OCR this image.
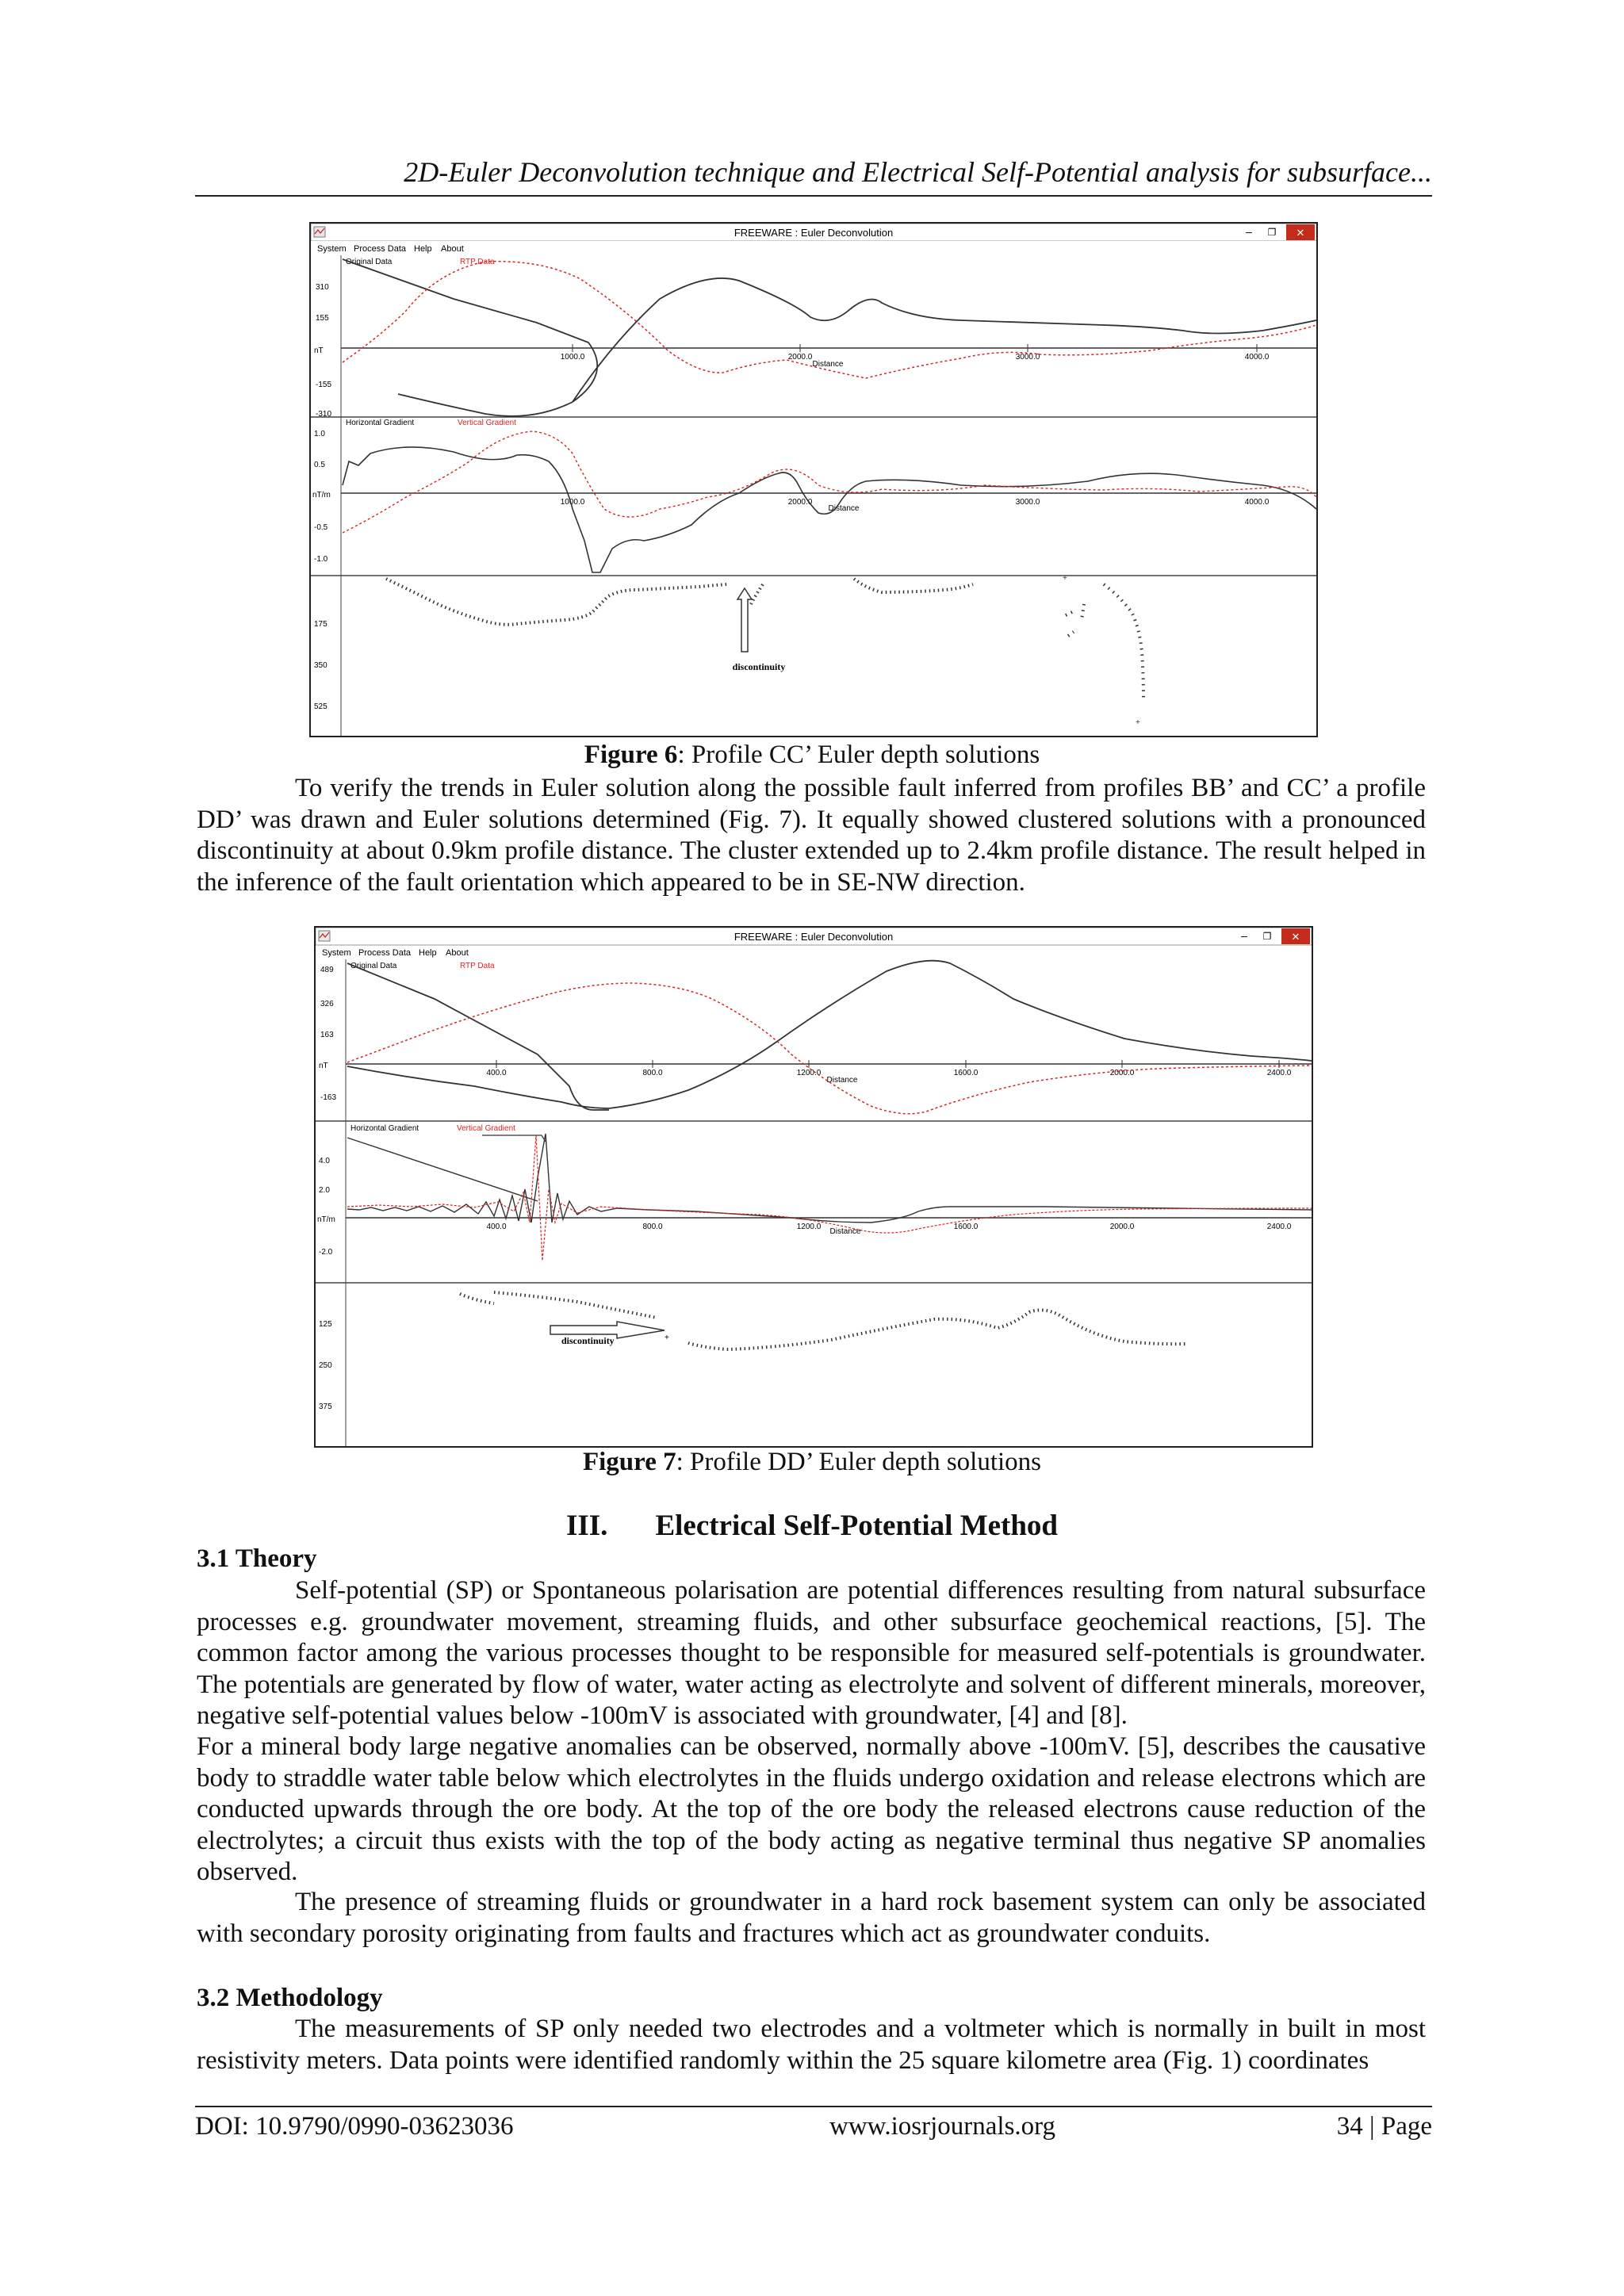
2D-Euler Deconvolution technique and Electrical Self-Potential analysis for subsurface...
FREEWARE : Euler Deconvolution	– ❐ ✕
System Process Data Help About
Original Data	RTP Data
310
155
nT
-155
-310
1000.0	2000.0	3000.0	4000.0
Distance
Horizontal Gradient	Vertical Gradient
1.0
0.5
nT/m
-0.5
-1.0
1000.0	2000.0	3000.0	4000.0
Distance
175
350
525
+
+
discontinuity
Figure 6: Profile CC’ Euler depth solutions

To verify the trends in Euler solution along the possible fault inferred from profiles BB’ and CC’ a profile DD’ was drawn and Euler solutions determined (Fig. 7). It equally showed clustered solutions with a pronounced discontinuity at about 0.9km profile distance. The cluster extended up to 2.4km profile distance. The result helped in the inference of the fault orientation which appeared to be in SE-NW direction.

FREEWARE : Euler Deconvolution	– ❐ ✕
System Process Data Help About
Original Data	RTP Data
489
326
163
nT
-163
400.0	800.0	1200.0	1600.0	2000.0	2400.0
Distance
Horizontal Gradient	Vertical Gradient
4.0
2.0
nT/m
-2.0
400.0	800.0	1200.0	1600.0	2000.0	2400.0
Distance
125
250
375
+
discontinuity
Figure 7: Profile DD’ Euler depth solutions
III. Electrical Self-Potential Method
3.1 Theory

Self-potential (SP) or Spontaneous polarisation are potential differences resulting from natural subsurface processes e.g. groundwater movement, streaming fluids, and other subsurface geochemical reactions, [5]. The common factor among the various processes thought to be responsible for measured self-potentials is groundwater. The potentials are generated by flow of water, water acting as electrolyte and solvent of different minerals, moreover, negative self-potential values below -100mV is associated with groundwater, [4] and [8].

For a mineral body large negative anomalies can be observed, normally above -100mV. [5], describes the causative body to straddle water table below which electrolytes in the fluids undergo oxidation and release electrons which are conducted upwards through the ore body. At the top of the ore body the released electrons cause reduction of the electrolytes; a circuit thus exists with the top of the body acting as negative terminal thus negative SP anomalies observed.

The presence of streaming fluids or groundwater in a hard rock basement system can only be associated with secondary porosity originating from faults and fractures which act as groundwater conduits.

3.2 Methodology

The measurements of SP only needed two electrodes and a voltmeter which is normally in built in most resistivity meters. Data points were identified randomly within the 25 square kilometre area (Fig. 1) coordinates

DOI: 10.9790/0990-03623036	www.iosrjournals.org	34 | Page
